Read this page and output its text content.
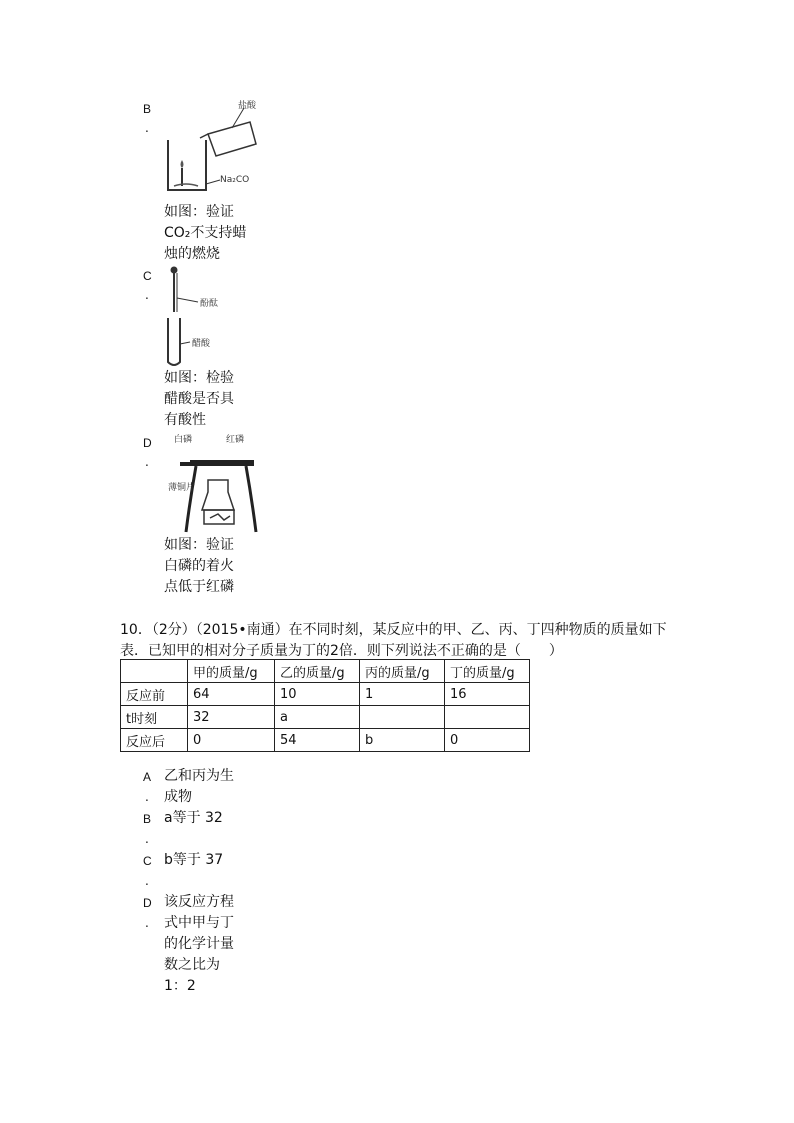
B
.
盐酸
Na₂CO
如图：验证
CO₂不支持蜡
烛的燃烧
C
.
酚酞
醋酸
如图：检验
醋酸是否具
有酸性
D
.
白磷	红磷
薄铜片
如图：验证
白磷的着火
点低于红磷
10．（2分）（2015•南通）在不同时刻，某反应中的甲、乙、丙、丁四种物质的质量如下
表．已知甲的相对分子质量为丁的2倍．则下列说法不正确的是（　　）
	甲的质量/g	乙的质量/g	丙的质量/g	丁的质量/g
反应前	64	10	1	16
t时刻	32	a		
反应后	0	54	b	0
A
.
乙和丙为生
成物
B
.
a等于 32
C
.
b等于 37
D
.
该反应方程
式中甲与丁
的化学计量
数之比为
1：2
